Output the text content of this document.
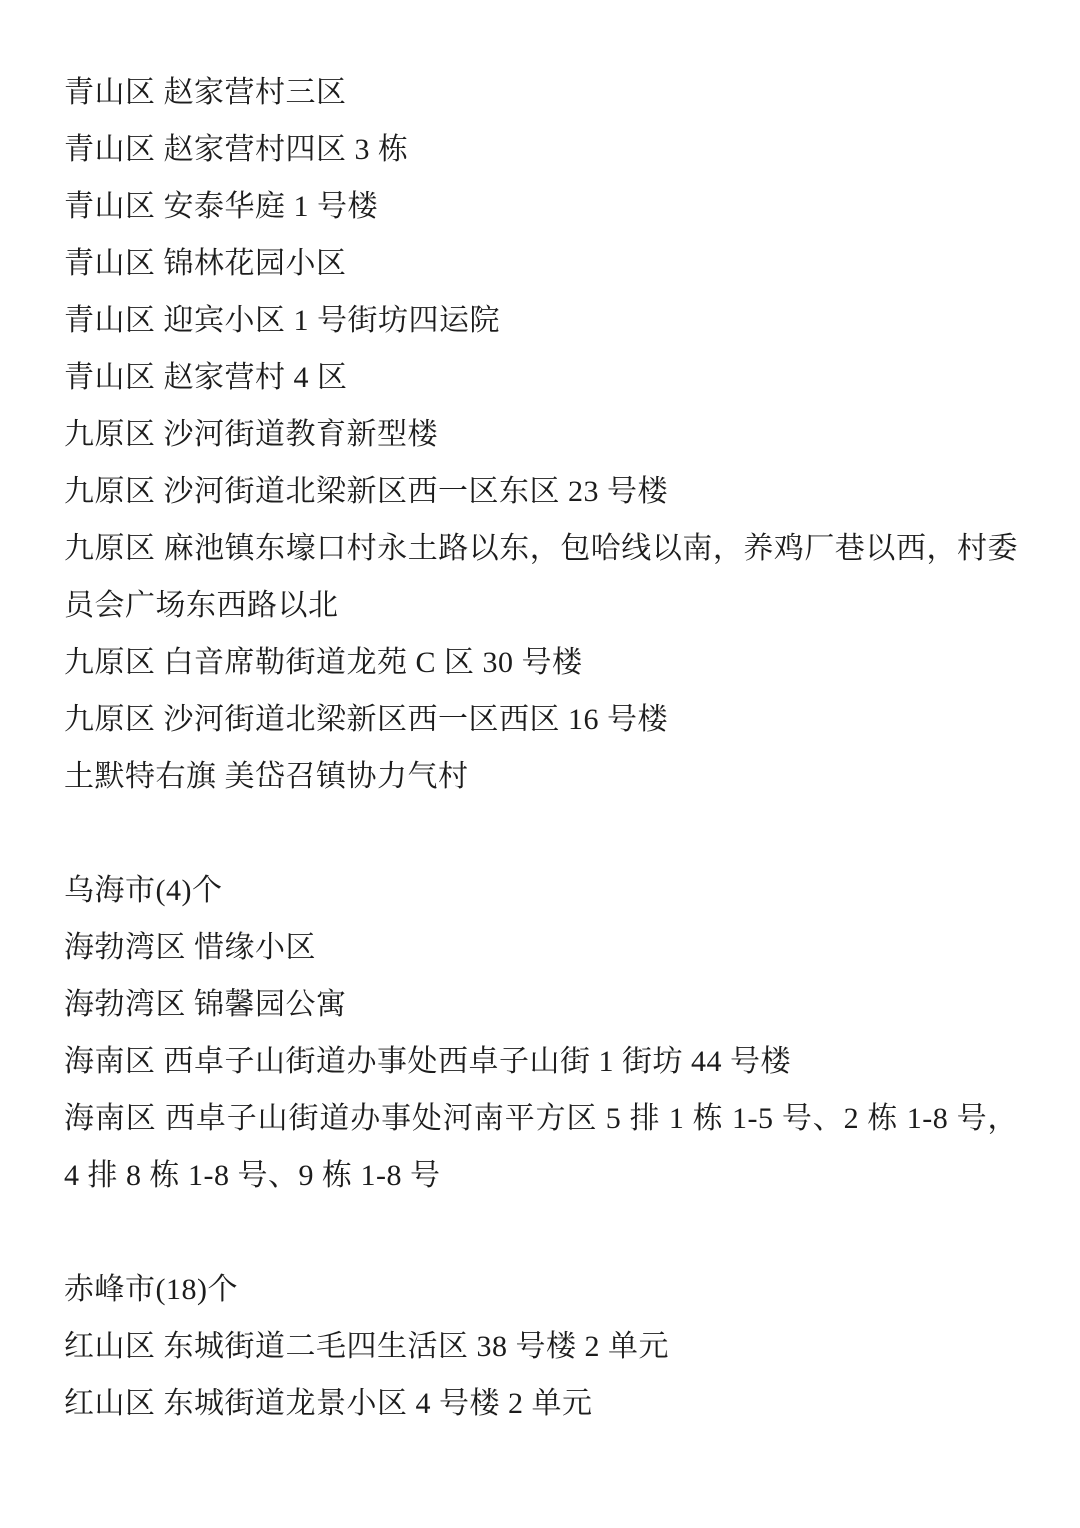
青山区 赵家营村三区

青山区 赵家营村四区 3 栋

青山区 安泰华庭 1 号楼

青山区 锦林花园小区

青山区 迎宾小区 1 号街坊四运院

青山区 赵家营村 4 区

九原区 沙河街道教育新型楼

九原区 沙河街道北梁新区西一区东区 23 号楼

九原区 麻池镇东壕口村永土路以东，包哈线以南，养鸡厂巷以西，村委员会广场东西路以北

九原区 白音席勒街道龙苑 C 区 30 号楼

九原区 沙河街道北梁新区西一区西区 16 号楼

土默特右旗 美岱召镇协力气村

乌海市(4)个

海勃湾区 惜缘小区

海勃湾区 锦馨园公寓

海南区 西卓子山街道办事处西卓子山街 1 街坊 44 号楼

海南区 西卓子山街道办事处河南平方区 5 排 1 栋 1-5 号、2 栋 1-8 号，4 排 8 栋 1-8 号、9 栋 1-8 号

赤峰市(18)个

红山区 东城街道二毛四生活区 38 号楼 2 单元

红山区 东城街道龙景小区 4 号楼 2 单元
